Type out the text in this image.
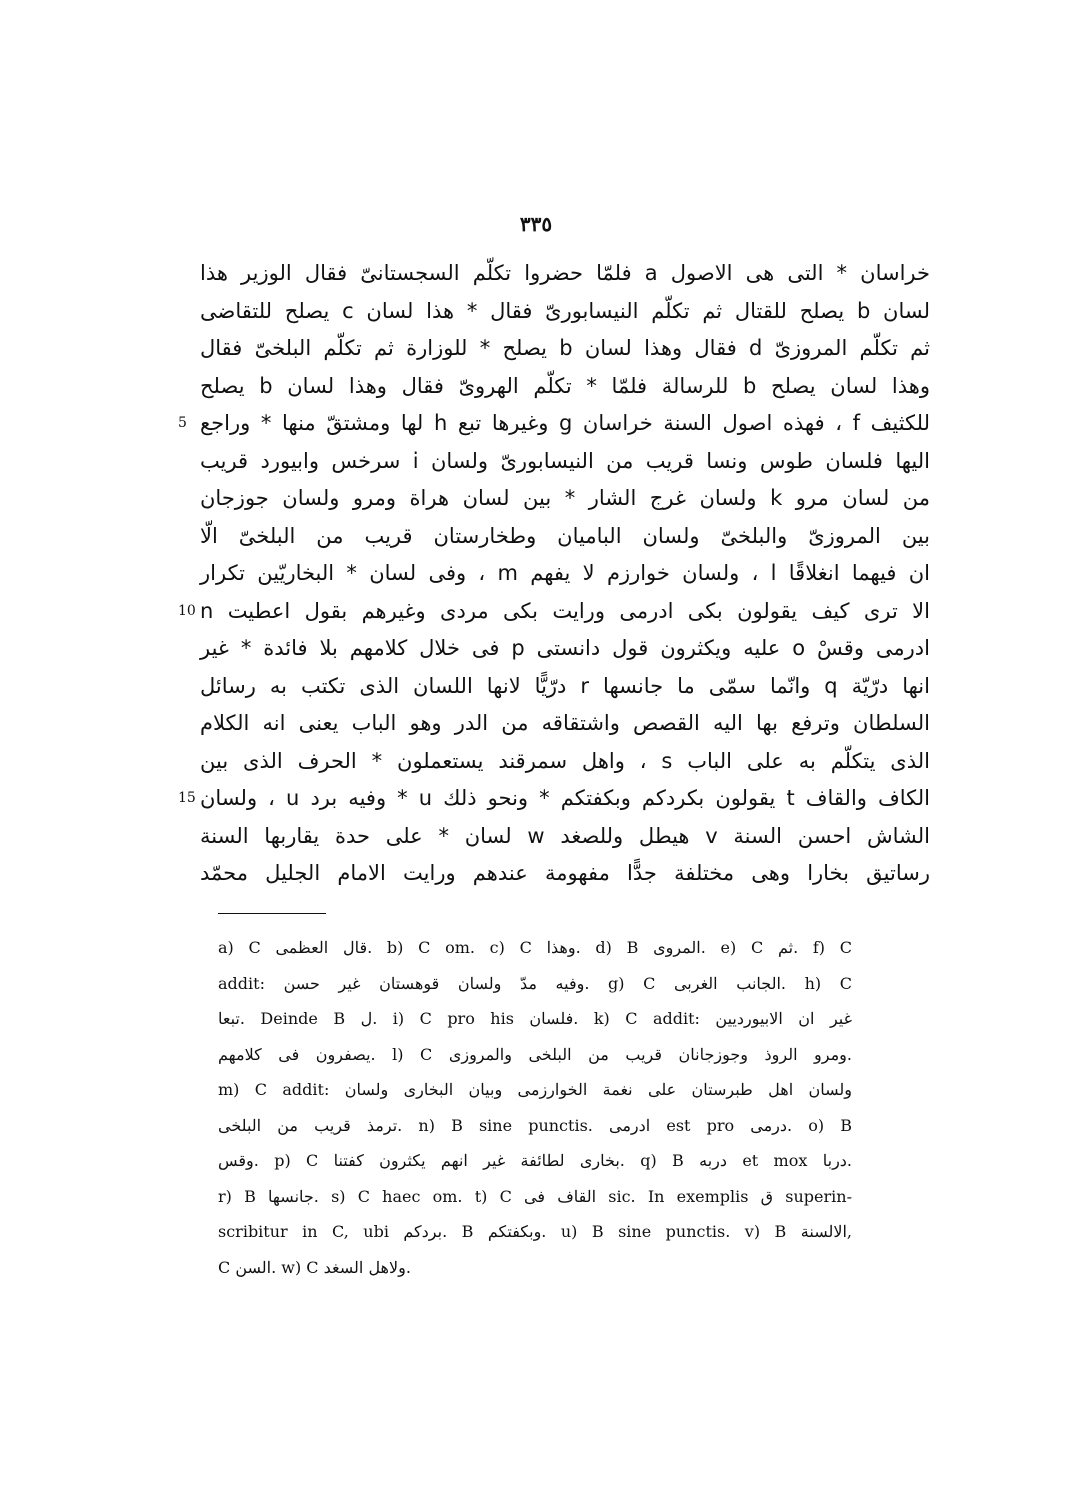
٣٣٥
خراسان * التى هى الاصول a فلمّا حضروا تكلّم السجستانىّ فقال الوزير هذا
لسان b يصلح للقتال ثم تكلّم النيسابورىّ فقال * هذا لسان c يصلح للتقاضى
ثم تكلّم المروزىّ d فقال وهذا لسان b يصلح * للوزارة ثم تكلّم البلخىّ فقال
وهذا لسان يصلح b للرسالة فلمّا * تكلّم الهروىّ فقال وهذا لسان b يصلح
للكثيف f ، فهذه اصول السنة خراسان g وغيرها تبع h لها ومشتقّ منها * وراجع
5
اليها فلسان طوس ونسا قريب من النيسابورىّ ولسان i سرخس وابيورد قريب
من لسان مرو k ولسان غرج الشار * بين لسان هراة ومرو ولسان جوزجان
بين المروزىّ والبلخىّ ولسان الباميان وطخارستان قريب من البلخىّ الّا
ان فيهما انغلاقًا l ، ولسان خوارزم لا يفهم m ، وفى لسان * البخاريّين تكرار
الا ترى كيف يقولون بكى ادرمى ورايت بكى مردى وغيرهم بقول اعطيت n
10
ادرمى وقسْ o عليه ويكثرون قول دانستى p فى خلال كلامهم بلا فائدة * غير
انها درّيّة q وانّما سمّى ما جانسها r درّيًّا لانها اللسان الذى تكتب به رسائل
السلطان وترفع بها اليه القصص واشتقاقه من الدر وهو الباب يعنى انه الكلام
الذى يتكلّم به على الباب s ، واهل سمرقند يستعملون * الحرف الذى بين
الكاف والقاف t يقولون بكردكم وبكفتكم * ونحو ذلك u * وفيه برد u ، ولسان
15
الشاش احسن السنة v هيطل وللصغد w لسان * على حدة يقاربها السنة
رساتيق بخارا وهى مختلفة جدًّا مفهومة عندهم ورايت الامام الجليل محمّد
a) C قال العظمى. b) C om. c) C وهذا. d) B المروى. e) C ثم. f) C
addit: وفيه مدّ ولسان قوهستان غير حسن. g) C الجانب الغربى. h) C
تبعا. Deinde B ل. i) C pro his فلسان. k) C addit: غير ان الابيورديين
يصفرون فى كلامهم. l) C ومرو الروذ وجوزجانان قريب من البلخى والمروزى.
m) C addit: ولسان اهل طبرستان على نغمة الخوارزمى وبيان البخارى ولسان
ترمذ قريب من البلخى. n) B sine punctis. ادرمى est pro درمى. o) B
وقس. p) C بخارى لطائفة غير انهم يكثرون كفتنا. q) B دربه et mox دربا.
r) B جانسها. s) C haec om. t) C القاف فى sic. In exemplis ق superin-
scribitur in C, ubi بردكم. B وبكفتكم. u) B sine punctis. v) B الالسنة,
C السن. w) C ولاهل السغد.
